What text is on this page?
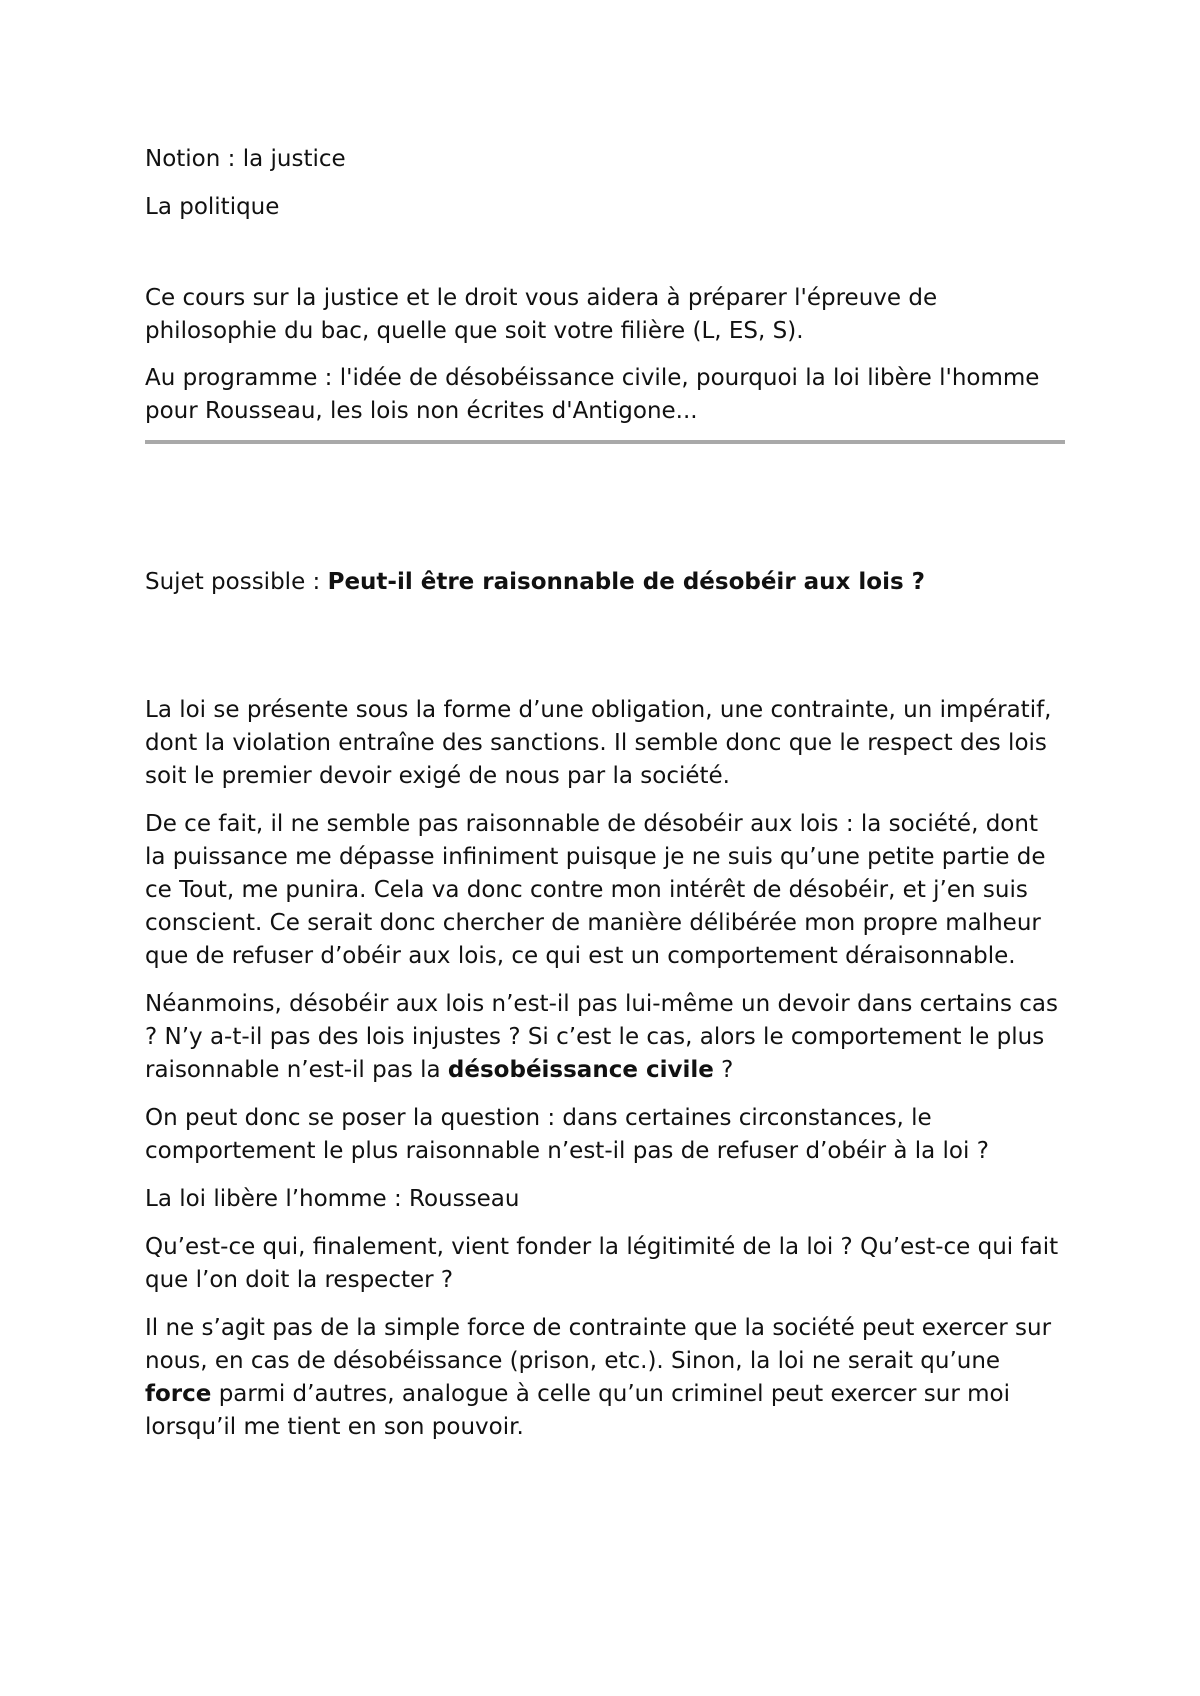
Notion : la justice

La politique

Ce cours sur la justice et le droit vous aidera à préparer l'épreuve de philosophie du bac, quelle que soit votre filière (L, ES, S).

Au programme : l'idée de désobéissance civile, pourquoi la loi libère l'homme pour Rousseau, les lois non écrites d'Antigone...

Sujet possible : Peut-il être raisonnable de désobéir aux lois ?

La loi se présente sous la forme d’une obligation, une contrainte, un impératif, dont la violation entraîne des sanctions. Il semble donc que le respect des lois soit le premier devoir exigé de nous par la société.

De ce fait, il ne semble pas raisonnable de désobéir aux lois : la société, dont la puissance me dépasse infiniment puisque je ne suis qu’une petite partie de ce Tout, me punira. Cela va donc contre mon intérêt de désobéir, et j’en suis conscient. Ce serait donc chercher de manière délibérée mon propre malheur que de refuser d’obéir aux lois, ce qui est un comportement déraisonnable.

Néanmoins, désobéir aux lois n’est-il pas lui-même un devoir dans certains cas ? N’y a-t-il pas des lois injustes ? Si c’est le cas, alors le comportement le plus raisonnable n’est-il pas la désobéissance civile ?

On peut donc se poser la question : dans certaines circonstances, le comportement le plus raisonnable n’est-il pas de refuser d’obéir à la loi ?

La loi libère l’homme : Rousseau

Qu’est-ce qui, finalement, vient fonder la légitimité de la loi ? Qu’est-ce qui fait que l’on doit la respecter ?

Il ne s’agit pas de la simple force de contrainte que la société peut exercer sur nous, en cas de désobéissance (prison, etc.). Sinon, la loi ne serait qu’une force parmi d’autres, analogue à celle qu’un criminel peut exercer sur moi lorsqu’il me tient en son pouvoir.
